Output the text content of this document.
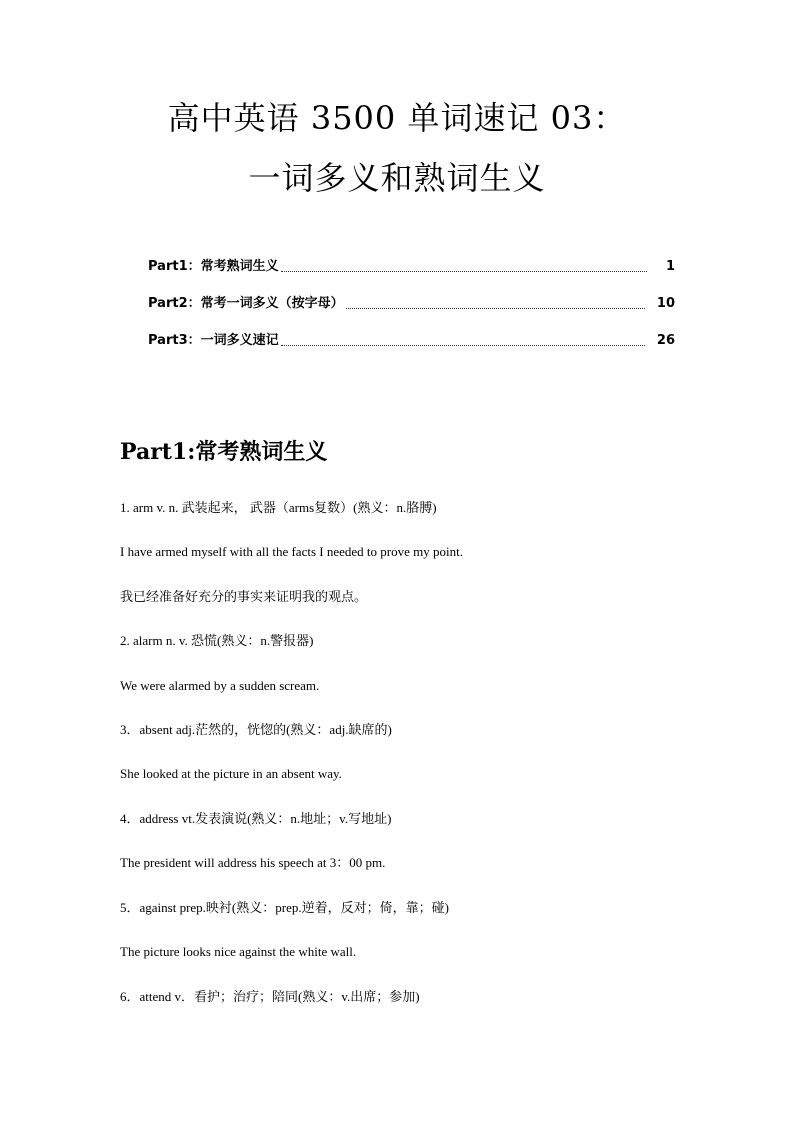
高中英语 3500 单词速记 03：
一词多义和熟词生义
Part1：常考熟词生义	1
Part2：常考一词多义（按字母）	10
Part3：一词多义速记	26
Part1:常考熟词生义
1. arm v. n. 武装起来， 武器（arms复数）(熟义：n.胳膊)
I have armed myself with all the facts I needed to prove my point.
我已经准备好充分的事实来证明我的观点。
2. alarm n. v. 恐慌(熟义：n.警报器)
We were alarmed by a sudden scream.
3．absent adj.茫然的，恍惚的(熟义：adj.缺席的)
She looked at the picture in an absent way.
4．address vt.发表演说(熟义：n.地址；v.写地址)
The president will address his speech at 3：00 pm.
5．against prep.映衬(熟义：prep.逆着，反对；倚，靠；碰)
The picture looks nice against the white wall.
6．attend v．看护；治疗；陪同(熟义：v.出席；参加)
